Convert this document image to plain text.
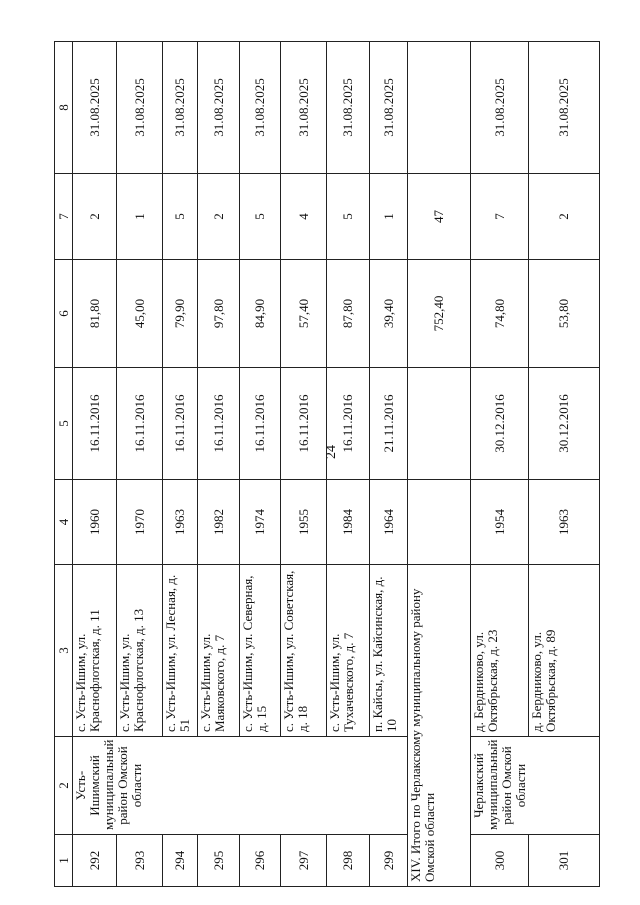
24
1	2	3	4	5	6	7	8
292	Усть-Ишимский муниципальный район Омской области	с. Усть-Ишим, ул. Краснофлотская, д. 11	1960	16.11.2016	81,80	2	31.08.2025
293		с. Усть-Ишим, ул. Краснофлотская, д. 13	1970	16.11.2016	45,00	1	31.08.2025
294		с. Усть-Ишим, ул. Лесная, д. 51	1963	16.11.2016	79,90	5	31.08.2025
295		с. Усть-Ишим, ул. Маяковского, д. 7	1982	16.11.2016	97,80	2	31.08.2025
296		с. Усть-Ишим, ул. Северная, д. 15	1974	16.11.2016	84,90	5	31.08.2025
297		с. Усть-Ишим, ул. Советская, д. 18	1955	16.11.2016	57,40	4	31.08.2025
298		с. Усть-Ишим, ул. Тухачевского, д. 7	1984	16.11.2016	87,80	5	31.08.2025
299		п. Кайсы, ул. Кайсинская, д. 10	1964	21.11.2016	39,40	1	31.08.2025
XIV. Итого по Черлакскому муниципальному району Омской области					752,40	47	
300	Черлакский муниципальный район Омской области	д. Бердниково, ул. Октябрьская, д. 23	1954	30.12.2016	74,80	7	31.08.2025
301		д. Бердниково, ул. Октябрьская, д. 89	1963	30.12.2016	53,80	2	31.08.2025
